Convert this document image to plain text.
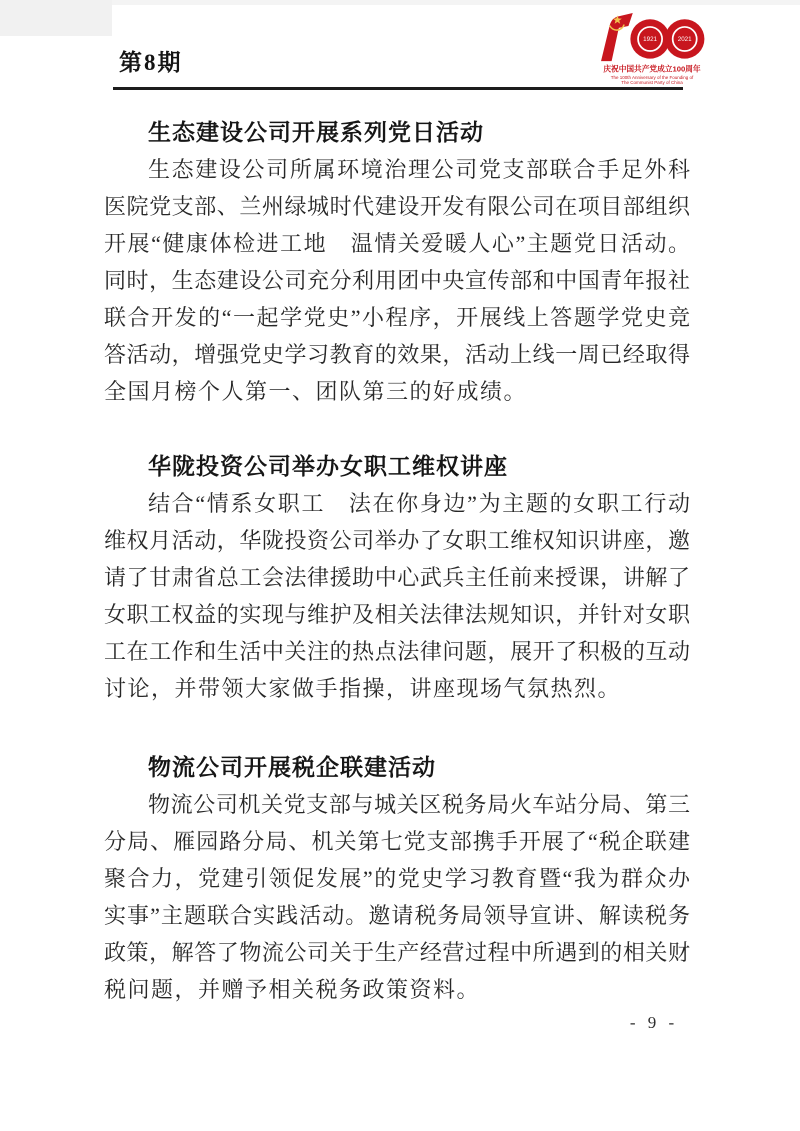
第8期
1921	2021
庆祝中国共产党成立100周年
The 100th Anniversary of the Founding of
The Communist Party of China
生态建设公司开展系列党日活动

生态建设公司所属环境治理公司党支部联合手足外科

医院党支部、兰州绿城时代建设开发有限公司在项目部组织

开展“健康体检进工地　温情关爱暖人心”主题党日活动。

同时，生态建设公司充分利用团中央宣传部和中国青年报社

联合开发的“一起学党史”小程序，开展线上答题学党史竞

答活动，增强党史学习教育的效果，活动上线一周已经取得

全国月榜个人第一、团队第三的好成绩。

华陇投资公司举办女职工维权讲座

结合“情系女职工　法在你身边”为主题的女职工行动

维权月活动，华陇投资公司举办了女职工维权知识讲座，邀

请了甘肃省总工会法律援助中心武兵主任前来授课，讲解了

女职工权益的实现与维护及相关法律法规知识，并针对女职

工在工作和生活中关注的热点法律问题，展开了积极的互动

讨论，并带领大家做手指操，讲座现场气氛热烈。

物流公司开展税企联建活动

物流公司机关党支部与城关区税务局火车站分局、第三

分局、雁园路分局、机关第七党支部携手开展了“税企联建

聚合力，党建引领促发展”的党史学习教育暨“我为群众办

实事”主题联合实践活动。邀请税务局领导宣讲、解读税务

政策，解答了物流公司关于生产经营过程中所遇到的相关财

税问题，并赠予相关税务政策资料。

- 9 -
